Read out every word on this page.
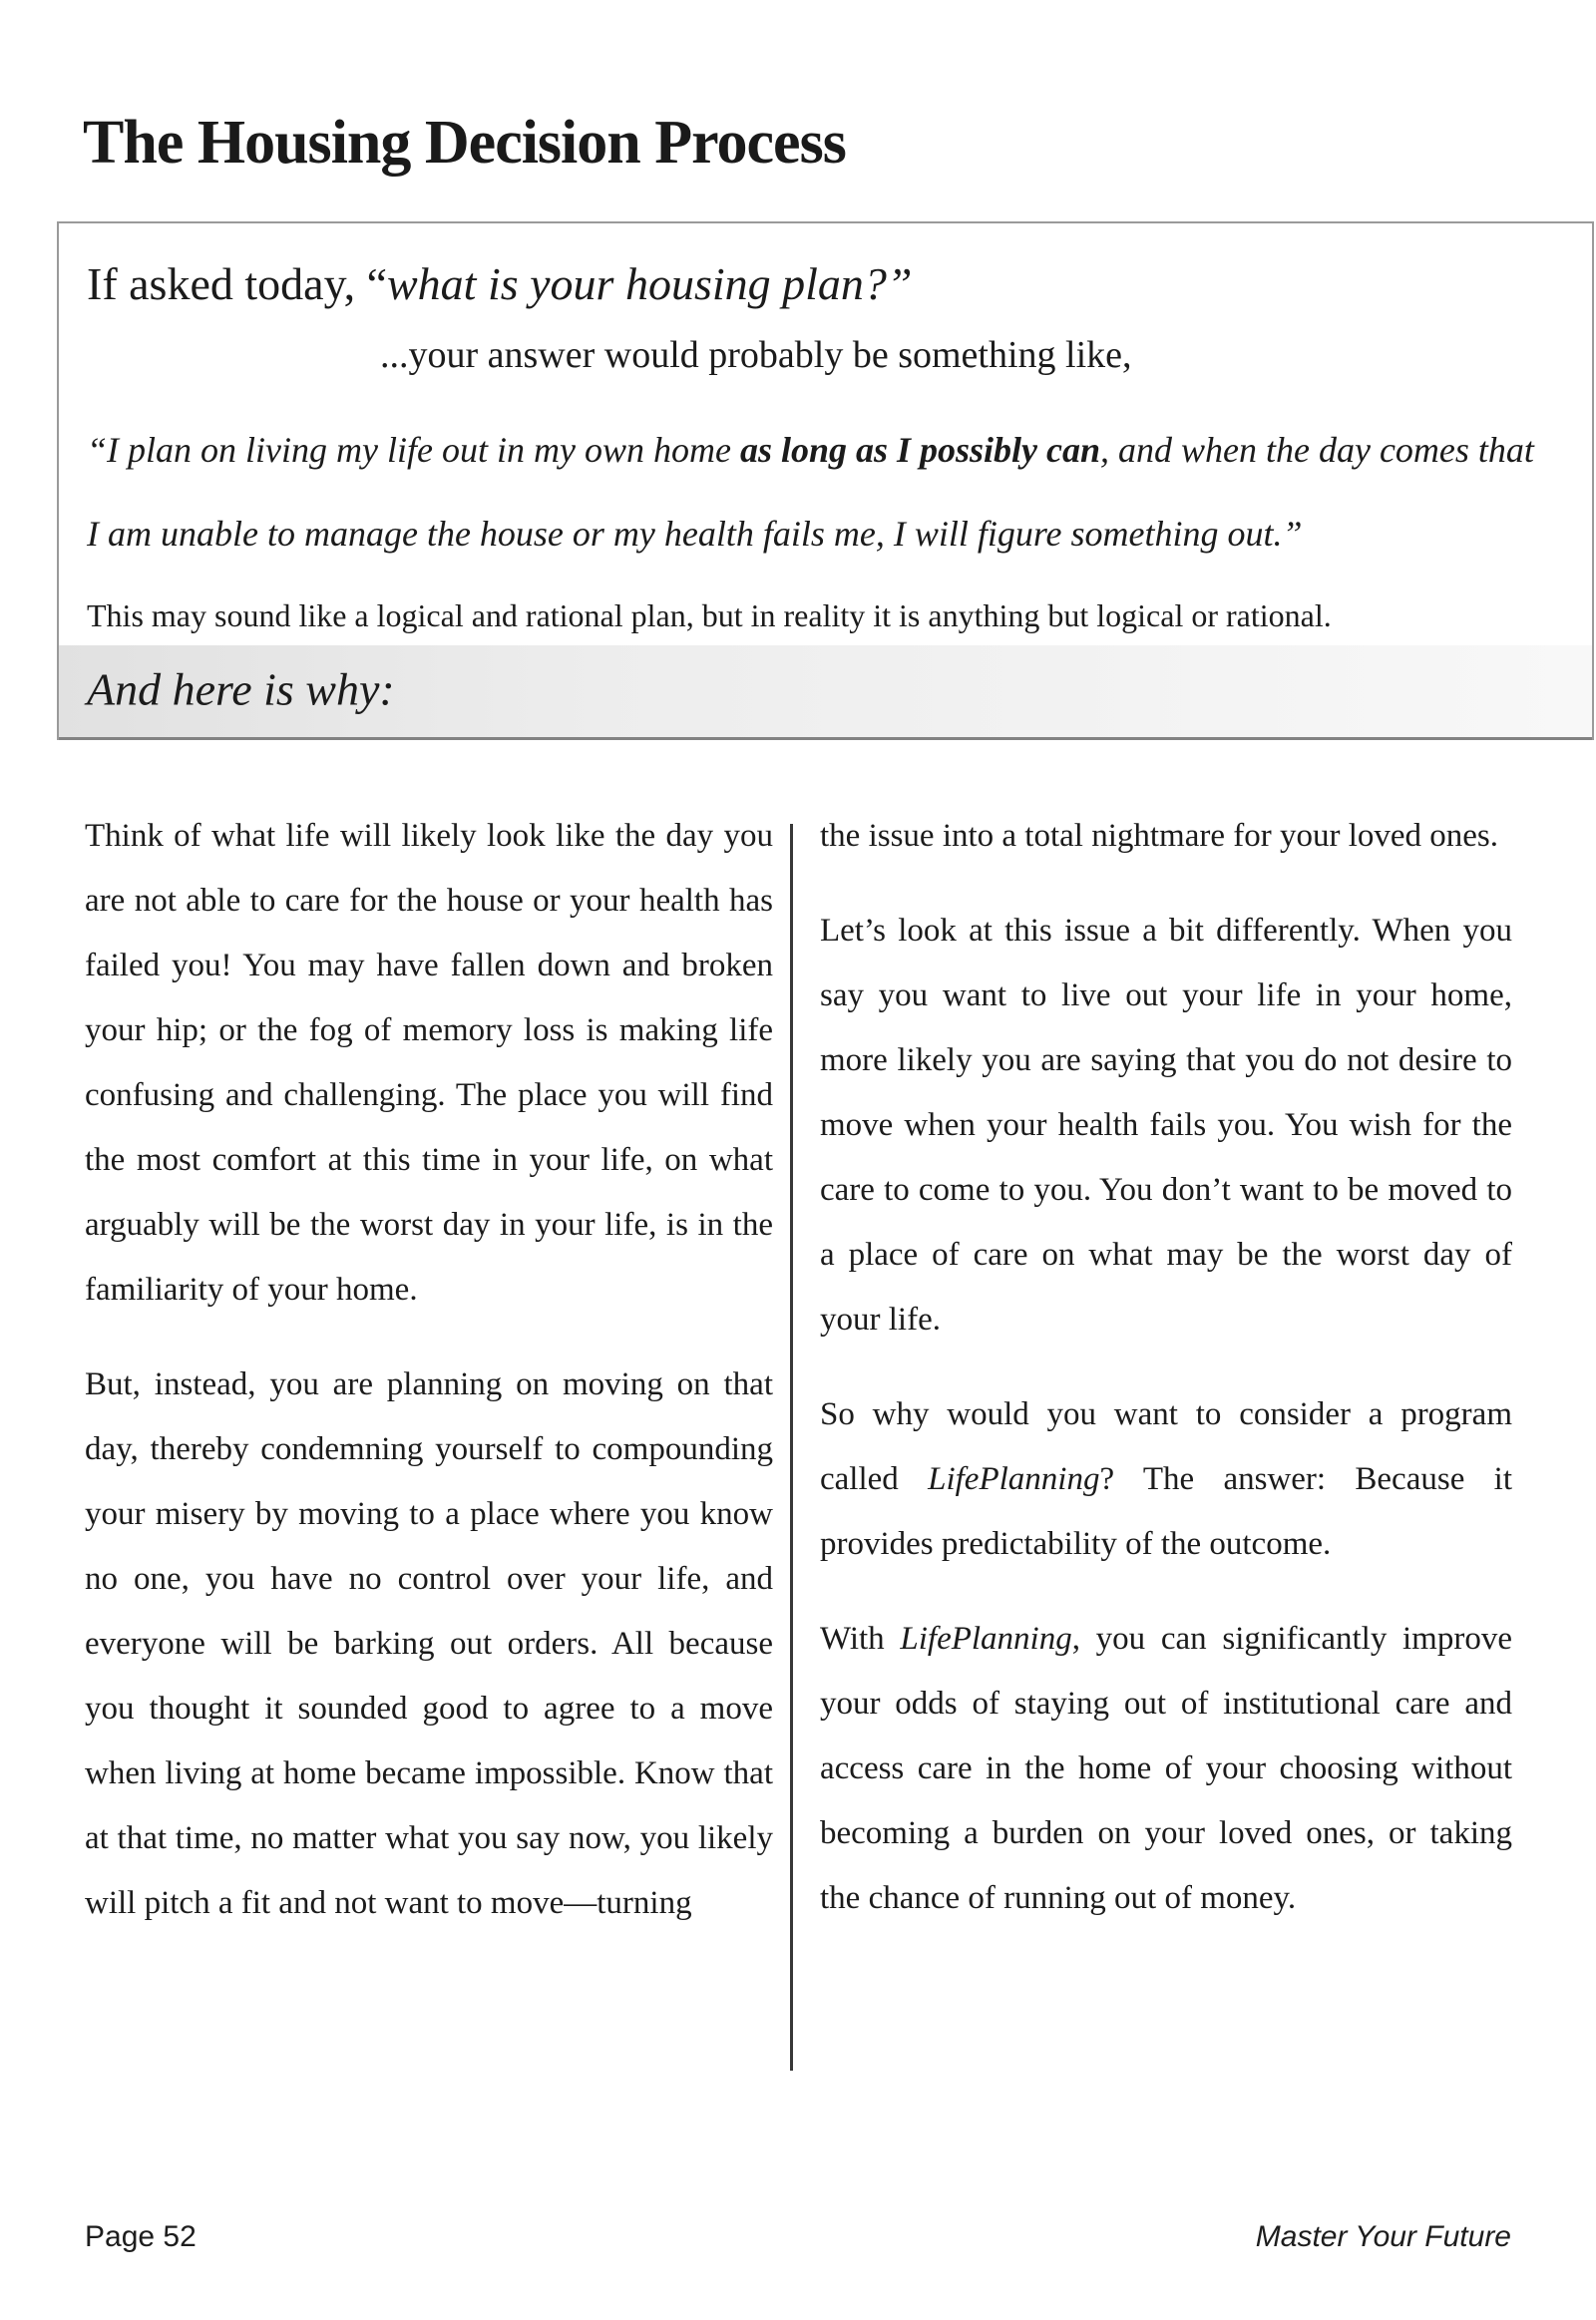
The Housing Decision Process
If asked today, “what is your housing plan?”
...your answer would probably be something like,
“I plan on living my life out in my own home as long as I possibly can, and when the day comes that I am unable to manage the house or my health fails me, I will figure something out.”
This may sound like a logical and rational plan, but in reality it is anything but logical or rational.
And here is why:

Think of what life will likely look like the day you are not able to care for the house or your health has failed you! You may have fallen down and broken your hip; or the fog of memory loss is making life confusing and challenging. The place you will find the most comfort at this time in your life, on what arguably will be the worst day in your life, is in the familiarity of your home.

But, instead, you are planning on moving on that day, thereby condemning yourself to compounding your misery by moving to a place where you know no one, you have no control over your life, and everyone will be barking out orders. All because you thought it sounded good to agree to a move when living at home became impossible. Know that at that time, no matter what you say now, you likely will pitch a fit and not want to move—turning

the issue into a total nightmare for your loved ones.

Let’s look at this issue a bit differently. When you say you want to live out your life in your home, more likely you are saying that you do not desire to move when your health fails you. You wish for the care to come to you. You don’t want to be moved to a place of care on what may be the worst day of your life.

So why would you want to consider a program called LifePlanning? The answer: Because it provides predictability of the outcome.

With LifePlanning, you can significantly improve your odds of staying out of institutional care and access care in the home of your choosing without becoming a burden on your loved ones, or taking the chance of running out of money.

Page 52	Master Your Future
